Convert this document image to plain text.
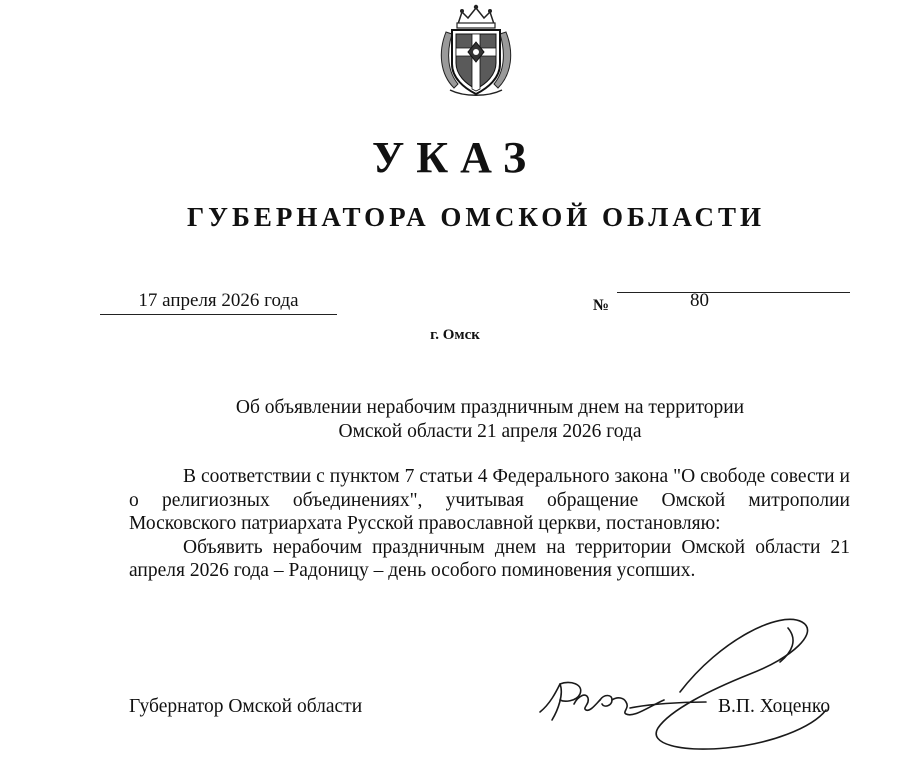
УКАЗ
ГУБЕРНАТОРА ОМСКОЙ ОБЛАСТИ
17 апреля 2026 года	№	80
г. Омск
Об объявлении нерабочим праздничным днем на территории
Омской области 21 апреля 2026 года

В соответствии с пунктом 7 статьи 4 Федерального закона "О свободе совести и о религиозных объединениях", учитывая обращение Омской митрополии Московского патриархата Русской православной церкви, постановляю:

Объявить нерабочим праздничным днем на территории Омской области 21 апреля 2026 года – Радоницу – день особого поминовения усопших.

Губернатор Омской области	В.П. Хоценко
